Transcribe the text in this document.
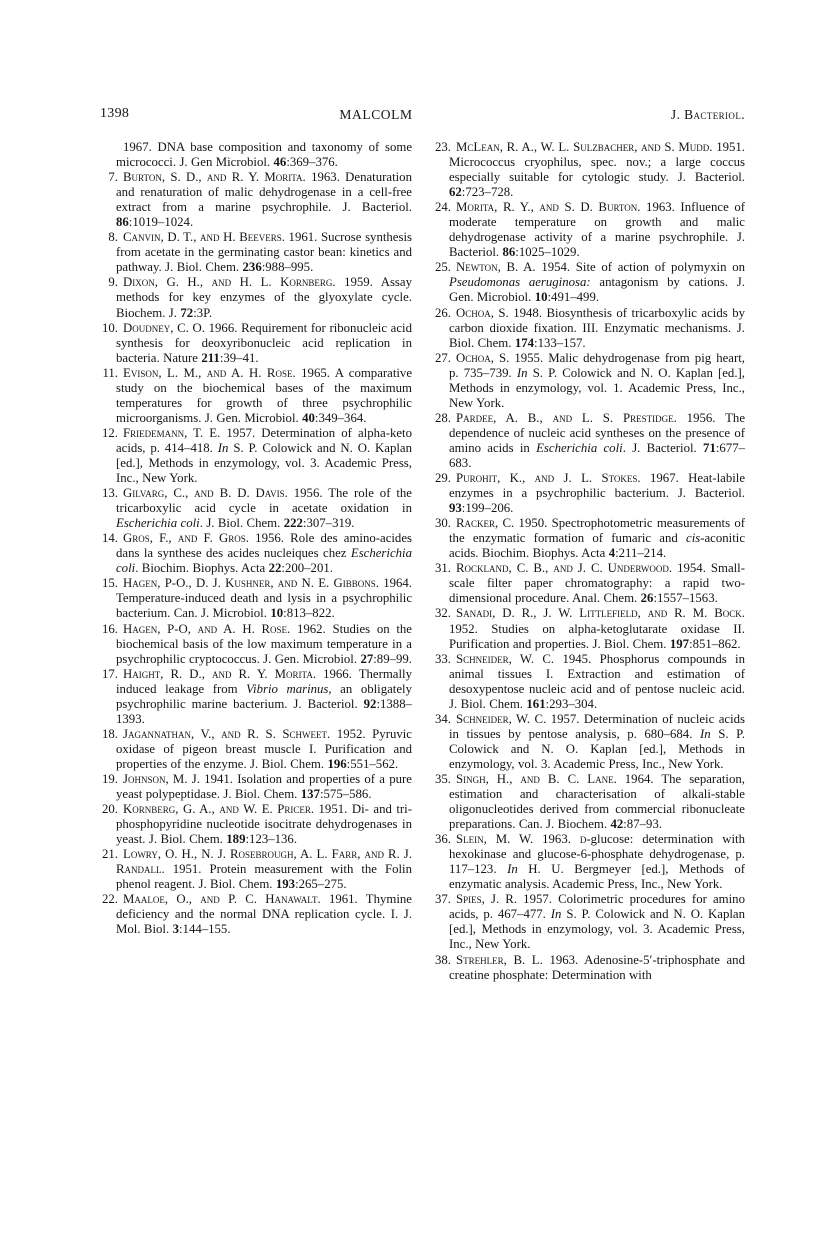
1398	MALCOLM	J. Bacteriol.
1967. DNA base composition and taxonomy of some micrococci. J. Gen Microbiol. 46:369–376.
7. Burton, S. D., and R. Y. Morita. 1963. Denaturation and renaturation of malic dehydrogenase in a cell-free extract from a marine psychrophile. J. Bacteriol. 86:1019–1024.
8. Canvin, D. T., and H. Beevers. 1961. Sucrose synthesis from acetate in the germinating castor bean: kinetics and pathway. J. Biol. Chem. 236:988–995.
9. Dixon, G. H., and H. L. Kornberg. 1959. Assay methods for key enzymes of the glyoxylate cycle. Biochem. J. 72:3P.
10. Doudney, C. O. 1966. Requirement for ribonucleic acid synthesis for deoxyribonucleic acid replication in bacteria. Nature 211:39–41.
11. Evison, L. M., and A. H. Rose. 1965. A comparative study on the biochemical bases of the maximum temperatures for growth of three psychrophilic microorganisms. J. Gen. Microbiol. 40:349–364.
12. Friedemann, T. E. 1957. Determination of alpha-keto acids, p. 414–418. In S. P. Colowick and N. O. Kaplan [ed.], Methods in enzymology, vol. 3. Academic Press, Inc., New York.
13. Gilvarg, C., and B. D. Davis. 1956. The role of the tricarboxylic acid cycle in acetate oxidation in Escherichia coli. J. Biol. Chem. 222:307–319.
14. Gros, F., and F. Gros. 1956. Role des amino-acides dans la synthese des acides nucleiques chez Escherichia coli. Biochim. Biophys. Acta 22:200–201.
15. Hagen, P-O., D. J. Kushner, and N. E. Gibbons. 1964. Temperature-induced death and lysis in a psychrophilic bacterium. Can. J. Microbiol. 10:813–822.
16. Hagen, P-O, and A. H. Rose. 1962. Studies on the biochemical basis of the low maximum temperature in a psychrophilic cryptococcus. J. Gen. Microbiol. 27:89–99.
17. Haight, R. D., and R. Y. Morita. 1966. Thermally induced leakage from Vibrio marinus, an obligately psychrophilic marine bacterium. J. Bacteriol. 92:1388–1393.
18. Jagannathan, V., and R. S. Schweet. 1952. Pyruvic oxidase of pigeon breast muscle I. Purification and properties of the enzyme. J. Biol. Chem. 196:551–562.
19. Johnson, M. J. 1941. Isolation and properties of a pure yeast polypeptidase. J. Biol. Chem. 137:575–586.
20. Kornberg, G. A., and W. E. Pricer. 1951. Di- and tri-phosphopyridine nucleotide isocitrate dehydrogenases in yeast. J. Biol. Chem. 189:123–136.
21. Lowry, O. H., N. J. Rosebrough, A. L. Farr, and R. J. Randall. 1951. Protein measurement with the Folin phenol reagent. J. Biol. Chem. 193:265–275.
22. Maaloe, O., and P. C. Hanawalt. 1961. Thymine deficiency and the normal DNA replication cycle. I. J. Mol. Biol. 3:144–155.
23. McLean, R. A., W. L. Sulzbacher, and S. Mudd. 1951. Micrococcus cryophilus, spec. nov.; a large coccus especially suitable for cytologic study. J. Bacteriol. 62:723–728.
24. Morita, R. Y., and S. D. Burton. 1963. Influence of moderate temperature on growth and malic dehydrogenase activity of a marine psychrophile. J. Bacteriol. 86:1025–1029.
25. Newton, B. A. 1954. Site of action of polymyxin on Pseudomonas aeruginosa: antagonism by cations. J. Gen. Microbiol. 10:491–499.
26. Ochoa, S. 1948. Biosynthesis of tricarboxylic acids by carbon dioxide fixation. III. Enzymatic mechanisms. J. Biol. Chem. 174:133–157.
27. Ochoa, S. 1955. Malic dehydrogenase from pig heart, p. 735–739. In S. P. Colowick and N. O. Kaplan [ed.], Methods in enzymology, vol. 1. Academic Press, Inc., New York.
28. Pardee, A. B., and L. S. Prestidge. 1956. The dependence of nucleic acid syntheses on the presence of amino acids in Escherichia coli. J. Bacteriol. 71:677–683.
29. Purohit, K., and J. L. Stokes. 1967. Heat-labile enzymes in a psychrophilic bacterium. J. Bacteriol. 93:199–206.
30. Racker, C. 1950. Spectrophotometric measurements of the enzymatic formation of fumaric and cis-aconitic acids. Biochim. Biophys. Acta 4:211–214.
31. Rockland, C. B., and J. C. Underwood. 1954. Small-scale filter paper chromatography: a rapid two-dimensional procedure. Anal. Chem. 26:1557–1563.
32. Sanadi, D. R., J. W. Littlefield, and R. M. Bock. 1952. Studies on alpha-ketoglutarate oxidase II. Purification and properties. J. Biol. Chem. 197:851–862.
33. Schneider, W. C. 1945. Phosphorus compounds in animal tissues I. Extraction and estimation of desoxypentose nucleic acid and of pentose nucleic acid. J. Biol. Chem. 161:293–304.
34. Schneider, W. C. 1957. Determination of nucleic acids in tissues by pentose analysis, p. 680–684. In S. P. Colowick and N. O. Kaplan [ed.], Methods in enzymology, vol. 3. Academic Press, Inc., New York.
35. Singh, H., and B. C. Lane. 1964. The separation, estimation and characterisation of alkali-stable oligonucleotides derived from commercial ribonucleate preparations. Can. J. Biochem. 42:87–93.
36. Slein, M. W. 1963. d-glucose: determination with hexokinase and glucose-6-phosphate dehydrogenase, p. 117–123. In H. U. Bergmeyer [ed.], Methods of enzymatic analysis. Academic Press, Inc., New York.
37. Spies, J. R. 1957. Colorimetric procedures for amino acids, p. 467–477. In S. P. Colowick and N. O. Kaplan [ed.], Methods in enzymology, vol. 3. Academic Press, Inc., New York.
38. Strehler, B. L. 1963. Adenosine-5′-triphosphate and creatine phosphate: Determination with
